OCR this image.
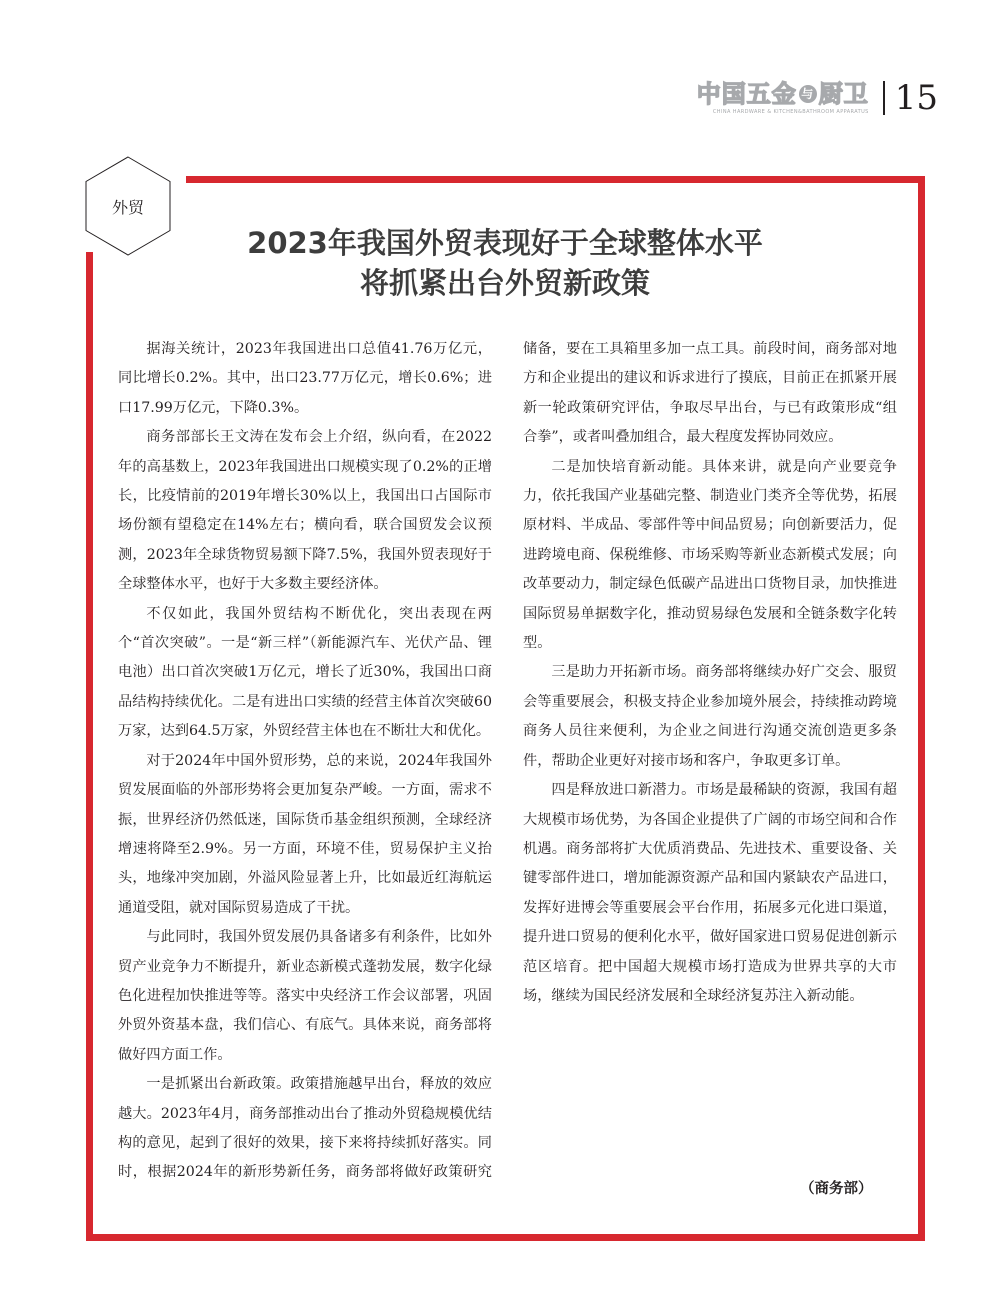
中国五金 与 厨卫
CHINA HARDWARE & KITCHEN&BATHROOM APPARATUS 15
外贸
2023年我国外贸表现好于全球整体水平
将抓紧出台外贸新政策

据海关统计，2023年我国进出口总值41.76万亿元，同比增长0.2%。其中，出口23.77万亿元，增长0.6%；进口17.99万亿元，下降0.3%。

商务部部长王文涛在发布会上介绍，纵向看，在2022年的高基数上，2023年我国进出口规模实现了0.2%的正增长，比疫情前的2019年增长30%以上，我国出口占国际市场份额有望稳定在14%左右；横向看，联合国贸发会议预测，2023年全球货物贸易额下降7.5%，我国外贸表现好于全球整体水平，也好于大多数主要经济体。

不仅如此，我国外贸结构不断优化，突出表现在两个“首次突破”。一是“新三样”（新能源汽车、光伏产品、锂电池）出口首次突破1万亿元，增长了近30%，我国出口商品结构持续优化。二是有进出口实绩的经营主体首次突破60万家，达到64.5万家，外贸经营主体也在不断壮大和优化。

对于2024年中国外贸形势，总的来说，2024年我国外贸发展面临的外部形势将会更加复杂严峻。一方面，需求不振，世界经济仍然低迷，国际货币基金组织预测，全球经济增速将降至2.9%。另一方面，环境不佳，贸易保护主义抬头，地缘冲突加剧，外溢风险显著上升，比如最近红海航运通道受阻，就对国际贸易造成了干扰。

与此同时，我国外贸发展仍具备诸多有利条件，比如外贸产业竞争力不断提升，新业态新模式蓬勃发展，数字化绿色化进程加快推进等等。落实中央经济工作会议部署，巩固外贸外资基本盘，我们信心、有底气。具体来说，商务部将做好四方面工作。

一是抓紧出台新政策。政策措施越早出台，释放的效应越大。2023年4月，商务部推动出台了推动外贸稳规模优结构的意见，起到了很好的效果，接下来将持续抓好落实。同时，根据2024年的新形势新任务，商务部将做好政策研究储备，要在工具箱里多加一点工具。前段时间，商务部对地方和企业提出的建议和诉求进行了摸底，目前正在抓紧开展新一轮政策研究评估，争取尽早出台，与已有政策形成“组合拳”，或者叫叠加组合，最大程度发挥协同效应。

二是加快培育新动能。具体来讲，就是向产业要竞争力，依托我国产业基础完整、制造业门类齐全等优势，拓展原材料、半成品、零部件等中间品贸易；向创新要活力，促进跨境电商、保税维修、市场采购等新业态新模式发展；向改革要动力，制定绿色低碳产品进出口货物目录，加快推进国际贸易单据数字化，推动贸易绿色发展和全链条数字化转型。

三是助力开拓新市场。商务部将继续办好广交会、服贸会等重要展会，积极支持企业参加境外展会，持续推动跨境商务人员往来便利，为企业之间进行沟通交流创造更多条件，帮助企业更好对接市场和客户，争取更多订单。

四是释放进口新潜力。市场是最稀缺的资源，我国有超大规模市场优势，为各国企业提供了广阔的市场空间和合作机遇。商务部将扩大优质消费品、先进技术、重要设备、关键零部件进口，增加能源资源产品和国内紧缺农产品进口，发挥好进博会等重要展会平台作用，拓展多元化进口渠道，提升进口贸易的便利化水平，做好国家进口贸易促进创新示范区培育。把中国超大规模市场打造成为世界共享的大市场，继续为国民经济发展和全球经济复苏注入新动能。

（商务部）
